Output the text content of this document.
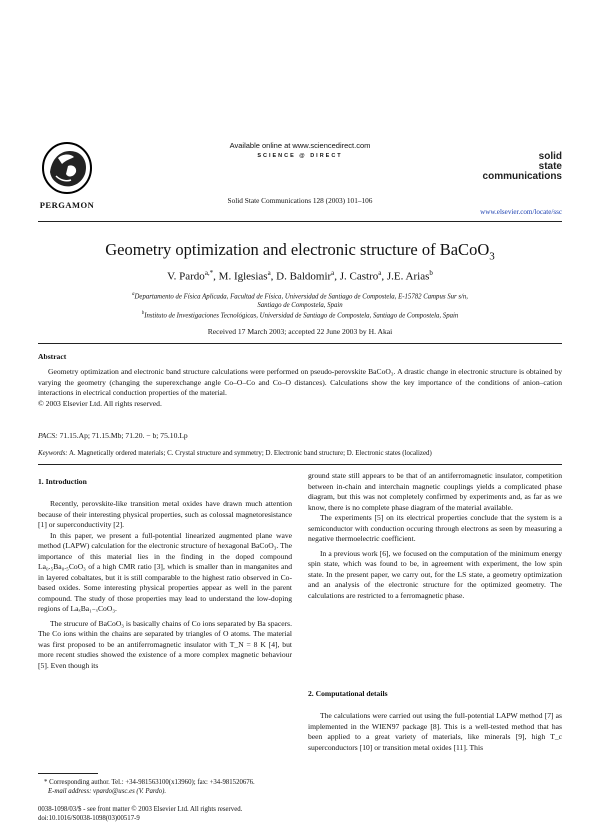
PERGAMON
Available online at www.sciencedirect.com
SCIENCE @ DIRECT
Solid State Communications 128 (2003) 101–106
solid
state
communications
www.elsevier.com/locate/ssc
Geometry optimization and electronic structure of BaCoO$_3$
V. Pardo$^{a,*}$, M. Iglesias$^a$, D. Baldomir$^a$, J. Castro$^a$, J.E. Arias$^b$
$^a$Departamento de Física Aplicada, Facultad de Física, Universidad de Santiago de Compostela, E-15782 Campus Sur s/n,
Santiago de Compostela, Spain
$^b$Instituto de Investigaciones Tecnológicas, Universidad de Santiago de Compostela, Santiago de Compostela, Spain
Received 17 March 2003; accepted 22 June 2003 by H. Akai
Abstract

Geometry optimization and electronic band structure calculations were performed on pseudo-perovskite BaCoO₃. A drastic change in electronic structure is obtained by varying the geometry (changing the superexchange angle Co–O–Co and Co–O distances). Calculations show the key importance of the conditions of anion–cation interactions in electrical conduction properties of the material.

© 2003 Elsevier Ltd. All rights reserved.
PACS: 71.15.Ap; 71.15.Mb; 71.20. − b; 75.10.Lp
Keywords: A. Magnetically ordered materials; C. Crystal structure and symmetry; D. Electronic band structure; D. Electronic states (localized)
1. Introduction

Recently, perovskite-like transition metal oxides have drawn much attention because of their interesting physical properties, such as colossal magnetoresistance [1] or superconductivity [2].

In this paper, we present a full-potential linearized augmented plane wave method (LAPW) calculation for the electronic structure of hexagonal BaCoO₃. The importance of this material lies in the finding in the doped compound La₀.₅Ba₀.₅CoO₃ of a high CMR ratio [3], which is smaller than in manganites and in layered cobaltates, but it is still comparable to the highest ratio observed in Co-based oxides. Some interesting physical properties appear as well in the parent compound. The study of those properties may lead to understand the low-doping regions of LaₓBa₁₋ₓCoO₃.

The strucure of BaCoO₃ is basically chains of Co ions separated by Ba spacers. The Co ions within the chains are separated by triangles of O atoms. The material was first proposed to be an antiferromagnetic insulator with T_N = 8 K [4], but more recent studies showed the existence of a more complex magnetic behaviour [5]. Even though its

* Corresponding author. Tel.: +34-981563100(x13960); fax: +34-981520676.
E-mail address: vpardo@usc.es (V. Pardo).

ground state still appears to be that of an antiferromagnetic insulator, competition between in-chain and interchain magnetic couplings yields a complicated phase diagram, but this was not completely confirmed by experiments and, as far as we know, there is no complete phase diagram of the material available.

The experiments [5] on its electrical properties conclude that the system is a semiconductor with conduction occuring through electrons as seen by measuring a negative thermoelectric coefficient.

In a previous work [6], we focused on the computation of the minimum energy spin state, which was found to be, in agreement with experiment, the low spin state. In the present paper, we carry out, for the LS state, a geometry optimization and an analysis of the electronic structure for the optimized geometry. The calculations are restricted to a ferromagnetic phase.

2. Computational details

The calculations were carried out using the full-potential LAPW method [7] as implemented in the WIEN97 package [8]. This is a well-tested method that has been applied to a great variety of materials, like minerals [9], high T_c superconductors [10] or transition metal oxides [11]. This

0038-1098/03/$ - see front matter © 2003 Elsevier Ltd. All rights reserved.
doi:10.1016/S0038-1098(03)00517-9
